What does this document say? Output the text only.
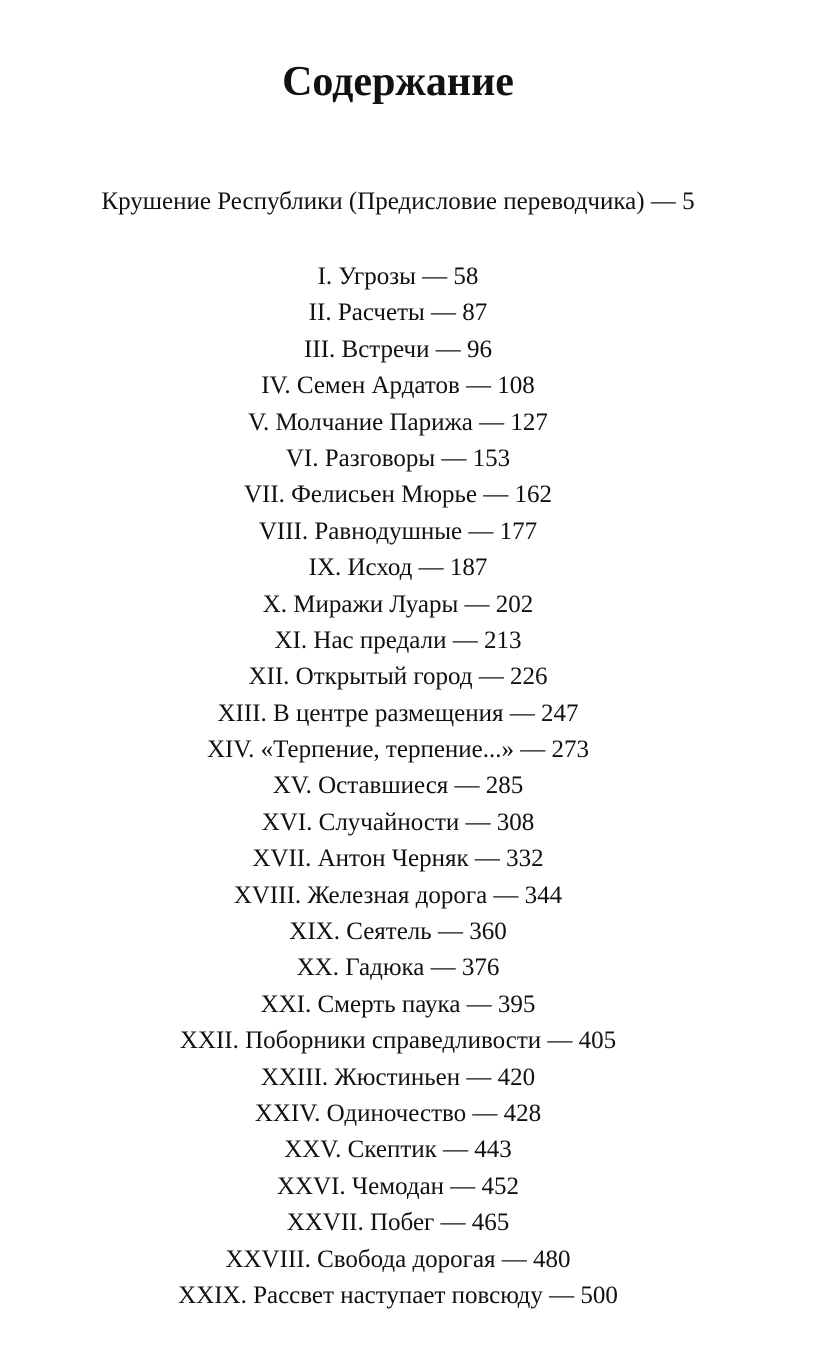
Содержание
Крушение Республики (Предисловие переводчика) — 5
I. Угрозы — 58
II. Расчеты — 87
III. Встречи — 96
IV. Семен Ардатов — 108
V. Молчание Парижа — 127
VI. Разговоры — 153
VII. Фелисьен Мюрье — 162
VIII. Равнодушные — 177
IX. Исход — 187
X. Миражи Луары — 202
XI. Нас предали — 213
XII. Открытый город — 226
XIII. В центре размещения — 247
XIV. «Терпение, терпение...» — 273
XV. Оставшиеся — 285
XVI. Случайности — 308
XVII. Антон Черняк — 332
XVIII. Железная дорога — 344
XIX. Сеятель — 360
XX. Гадюка — 376
XXI. Смерть паука — 395
XXII. Поборники справедливости — 405
XXIII. Жюстиньен — 420
XXIV. Одиночество — 428
XXV. Скептик — 443
XXVI. Чемодан — 452
XXVII. Побег — 465
XXVIII. Свобода дорогая — 480
XXIX. Рассвет наступает повсюду — 500
